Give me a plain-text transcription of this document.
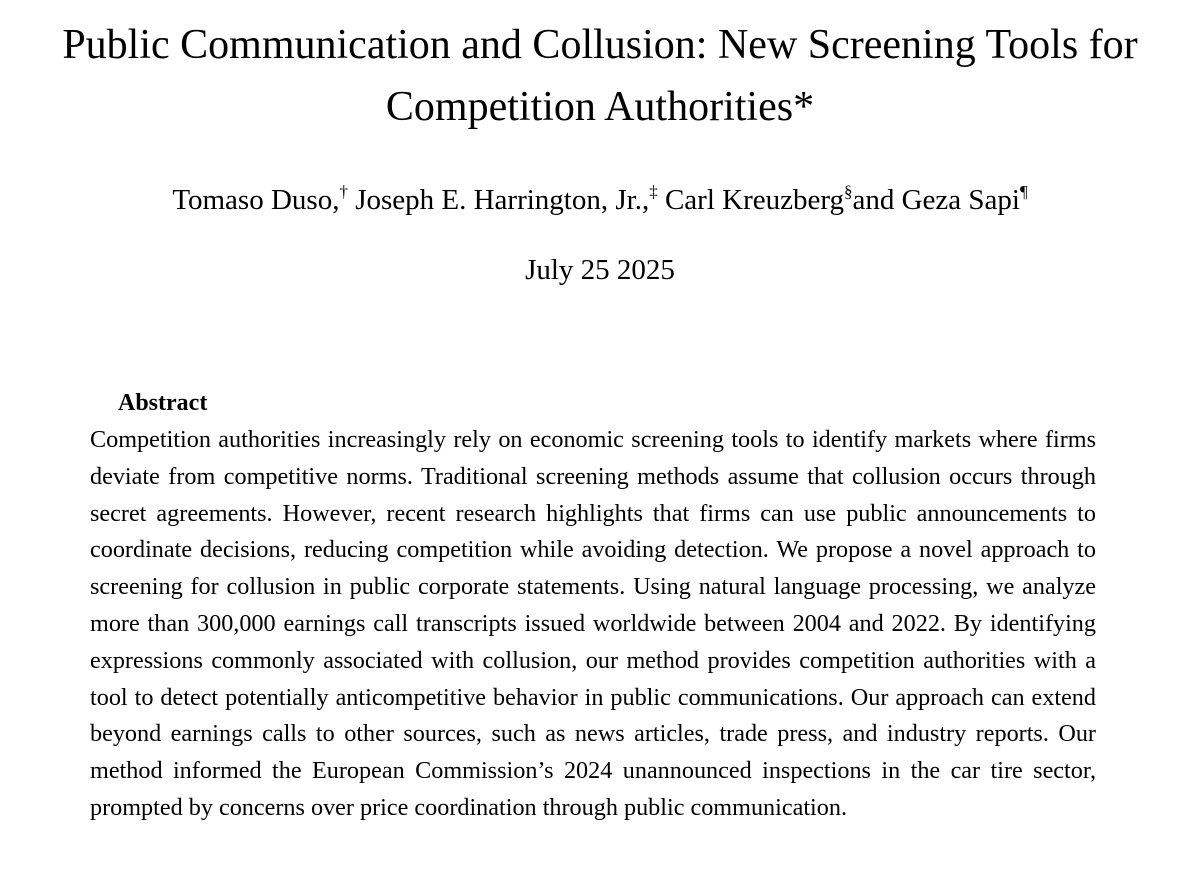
Public Communication and Collusion: New Screening Tools for
Competition Authorities*
Tomaso Duso,† Joseph E. Harrington, Jr.,‡ Carl Kreuzberg§and Geza Sapi¶
July 25 2025
Abstract

Competition authorities increasingly rely on economic screening tools to identify markets where firms deviate from competitive norms. Traditional screening methods assume that collusion occurs through secret agreements. However, recent research highlights that firms can use public announcements to coordinate decisions, reducing competition while avoiding detection. We propose a novel approach to screening for collusion in public corporate statements. Using natural language processing, we analyze more than 300,000 earnings call transcripts issued worldwide between 2004 and 2022. By identifying expressions commonly associated with collusion, our method provides competition authorities with a tool to detect potentially anticompetitive behavior in public communications. Our approach can extend beyond earnings calls to other sources, such as news articles, trade press, and industry reports. Our method informed the European Commission’s 2024 unannounced inspections in the car tire sector, prompted by concerns over price coordination through public communication.
